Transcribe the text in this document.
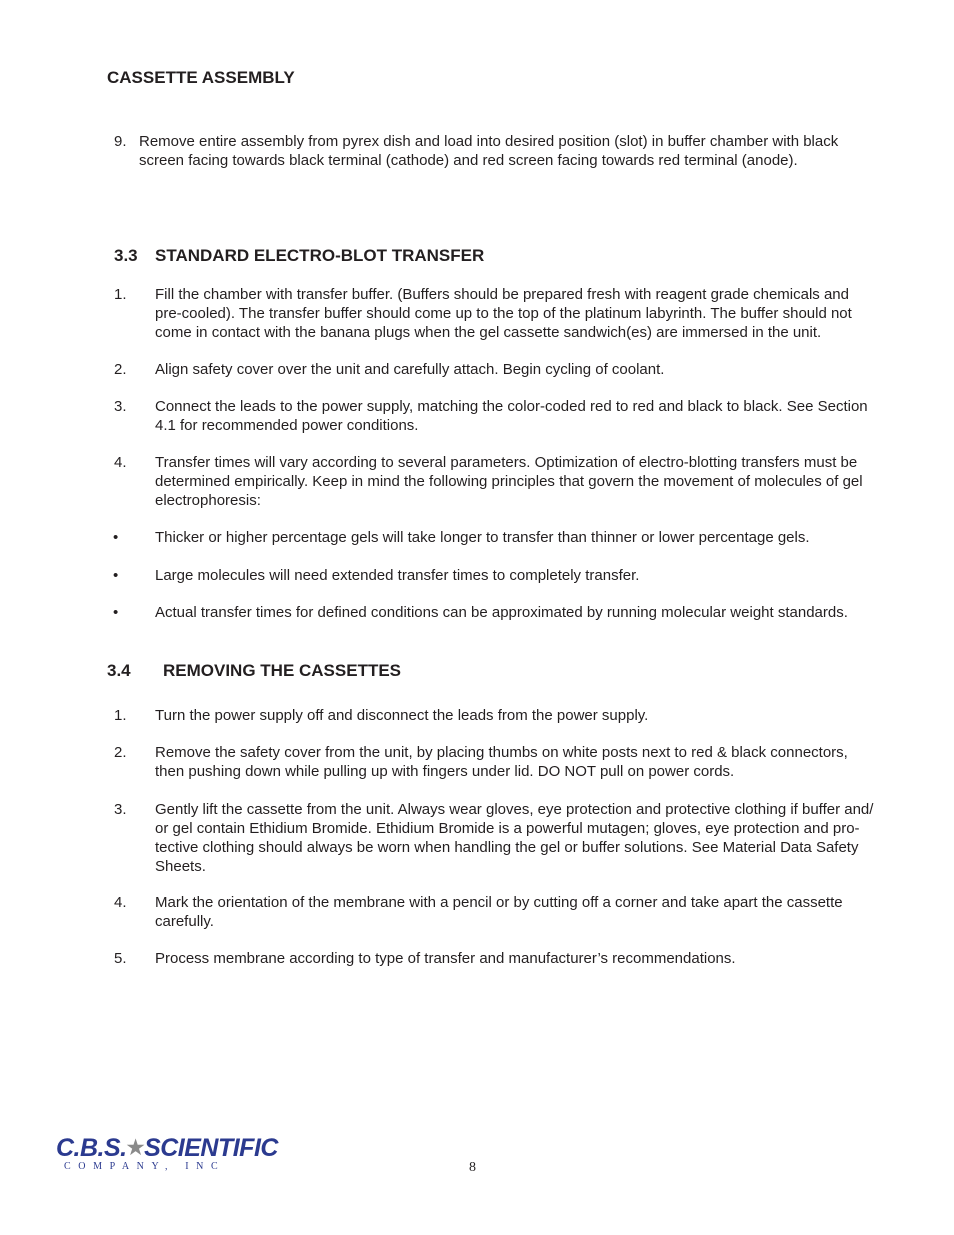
CASSETTE ASSEMBLY
9. Remove entire assembly from pyrex dish and load into desired position (slot) in buffer chamber with black
screen facing towards black terminal (cathode) and red screen facing towards red terminal (anode).
3.3 STANDARD ELECTRO-BLOT TRANSFER
1. Fill the chamber with transfer buffer. (Buffers should be prepared fresh with reagent grade chemicals and
pre-cooled). The transfer buffer should come up to the top of the platinum labyrinth. The buffer should not
come in contact with the banana plugs when the gel cassette sandwich(es) are immersed in the unit.
2. Align safety cover over the unit and carefully attach. Begin cycling of coolant.
3. Connect the leads to the power supply, matching the color-coded red to red and black to black. See Section
4.1 for recommended power conditions.
4. Transfer times will vary according to several parameters. Optimization of electro-blotting transfers must be
determined empirically. Keep in mind the following principles that govern the movement of molecules of gel
electrophoresis:
• Thicker or higher percentage gels will take longer to transfer than thinner or lower percentage gels.
• Large molecules will need extended transfer times to completely transfer.
• Actual transfer times for defined conditions can be approximated by running molecular weight standards.
3.4 REMOVING THE CASSETTES
1. Turn the power supply off and disconnect the leads from the power supply.
2. Remove the safety cover from the unit, by placing thumbs on white posts next to red & black connectors,
then pushing down while pulling up with fingers under lid. DO NOT pull on power cords.
3. Gently lift the cassette from the unit. Always wear gloves, eye protection and protective clothing if buffer and/
or gel contain Ethidium Bromide. Ethidium Bromide is a powerful mutagen; gloves, eye protection and pro-
tective clothing should always be worn when handling the gel or buffer solutions. See Material Data Safety
Sheets.
4. Mark the orientation of the membrane with a pencil or by cutting off a corner and take apart the cassette
carefully.
5. Process membrane according to type of transfer and manufacturer’s recommendations.
C.B.S.★SCIENTIFIC
COMPANY, INC	8
